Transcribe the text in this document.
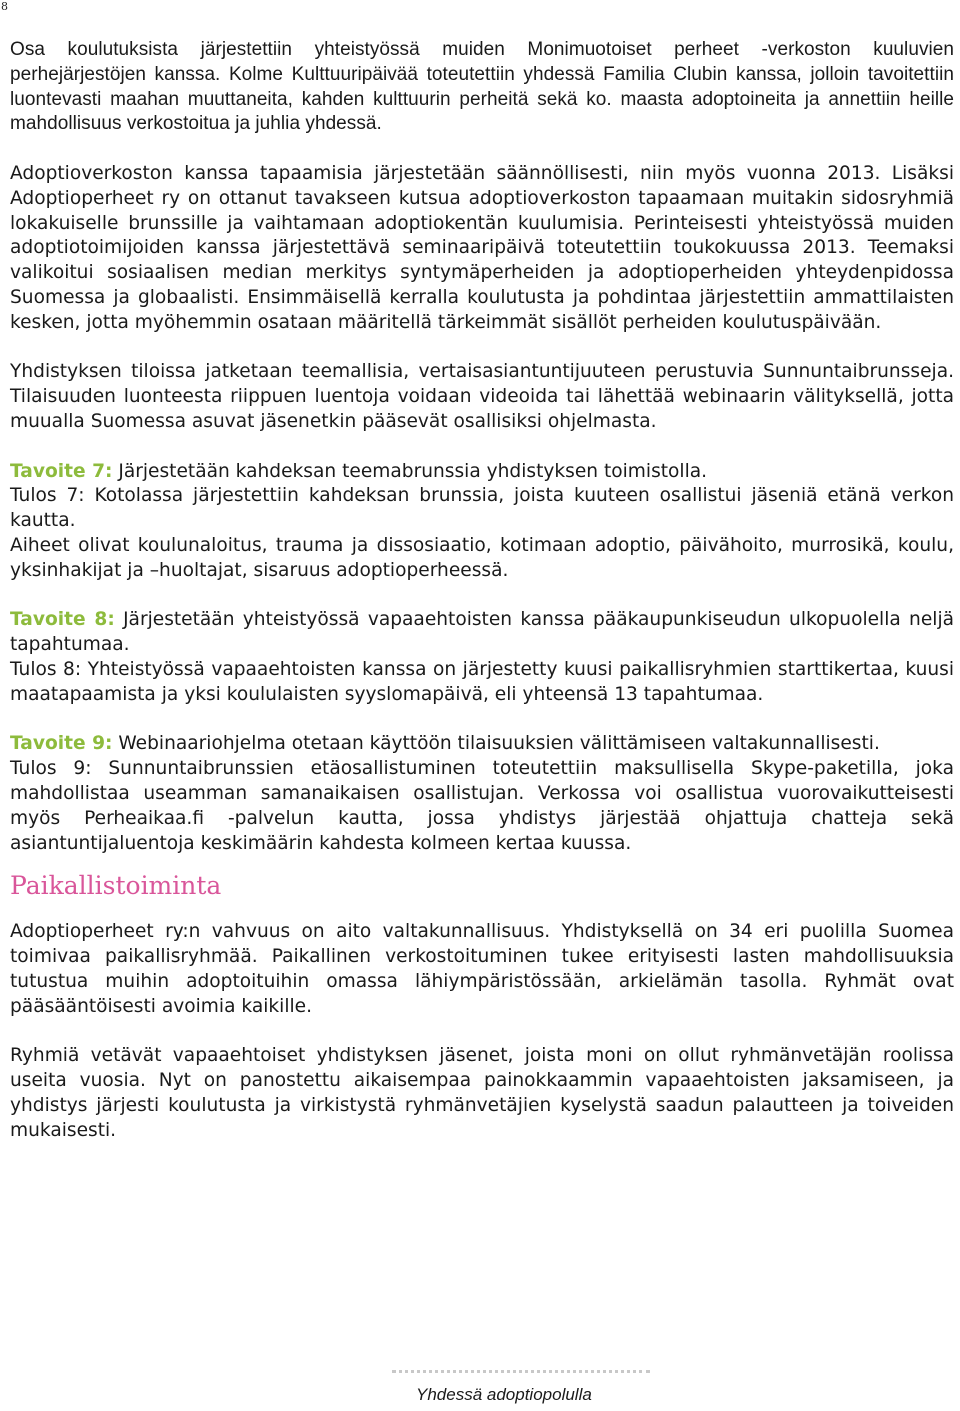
8

Osa koulutuksista järjestettiin yhteistyössä muiden Monimuotoiset perheet -verkoston kuuluvien perhejärjestöjen kanssa. Kolme Kulttuuripäivää toteutettiin yhdessä Familia Clubin kanssa, jolloin tavoitettiin luontevasti maahan muuttaneita, kahden kulttuurin perheitä sekä ko. maasta adoptoineita ja annettiin heille mahdollisuus verkostoitua ja juhlia yhdessä.

Adoptioverkoston kanssa tapaamisia järjestetään säännöllisesti, niin myös vuonna 2013. Lisäksi Adoptioperheet ry on ottanut tavakseen kutsua adoptioverkoston tapaamaan muitakin sidosryhmiä lokakuiselle brunssille ja vaihtamaan adoptiokentän kuulumisia. Perinteisesti yhteistyössä muiden adoptiotoimijoiden kanssa järjestettävä seminaaripäivä toteutettiin toukokuussa 2013. Teemaksi valikoitui sosiaalisen median merkitys syntymäperheiden ja adoptioperheiden yhteydenpidossa Suomessa ja globaalisti. Ensimmäisellä kerralla koulutusta ja pohdintaa järjestettiin ammattilaisten kesken, jotta myöhemmin osataan määritellä tärkeimmät sisällöt perheiden koulutuspäivään.

Yhdistyksen tiloissa jatketaan teemallisia, vertaisasiantuntijuuteen perustuvia Sunnuntaibrunsseja. Tilaisuuden luonteesta riippuen luentoja voidaan videoida tai lähettää webinaarin välityksellä, jotta muualla Suomessa asuvat jäsenetkin pääsevät osallisiksi ohjelmasta.

Tavoite 7: Järjestetään kahdeksan teemabrunssia yhdistyksen toimistolla.

Tulos 7: Kotolassa järjestettiin kahdeksan brunssia, joista kuuteen osallistui jäseniä etänä verkon kautta.

Aiheet olivat koulunaloitus, trauma ja dissosiaatio, kotimaan adoptio, päivähoito, murrosikä, koulu, yksinhakijat ja –huoltajat, sisaruus adoptioperheessä.

Tavoite 8: Järjestetään yhteistyössä vapaaehtoisten kanssa pääkaupunkiseudun ulkopuolella neljä tapahtumaa.

Tulos 8: Yhteistyössä vapaaehtoisten kanssa on järjestetty kuusi paikallisryhmien starttikertaa, kuusi maatapaamista ja yksi koululaisten syyslomapäivä, eli yhteensä 13 tapahtumaa.

Tavoite 9: Webinaariohjelma otetaan käyttöön tilaisuuksien välittämiseen valtakunnallisesti.

Tulos 9: Sunnuntaibrunssien etäosallistuminen toteutettiin maksullisella Skype-paketilla, joka mahdollistaa useamman samanaikaisen osallistujan. Verkossa voi osallistua vuorovaikutteisesti myös Perheaikaa.fi -palvelun kautta, jossa yhdistys järjestää ohjattuja chatteja sekä asiantuntijaluentoja keskimäärin kahdesta kolmeen kertaa kuussa.

Paikallistoiminta

Adoptioperheet ry:n vahvuus on aito valtakunnallisuus. Yhdistyksellä on 34 eri puolilla Suomea toimivaa paikallisryhmää. Paikallinen verkostoituminen tukee erityisesti lasten mahdollisuuksia tutustua muihin adoptoituihin omassa lähiympäristössään, arkielämän tasolla. Ryhmät ovat pääsääntöisesti avoimia kaikille.

Ryhmiä vetävät vapaaehtoiset yhdistyksen jäsenet, joista moni on ollut ryhmänvetäjän roolissa useita vuosia. Nyt on panostettu aikaisempaa painokkaammin vapaaehtoisten jaksamiseen, ja yhdistys järjesti koulutusta ja virkistystä ryhmänvetäjien kyselystä saadun palautteen ja toiveiden mukaisesti.

Yhdessä adoptiopolulla
